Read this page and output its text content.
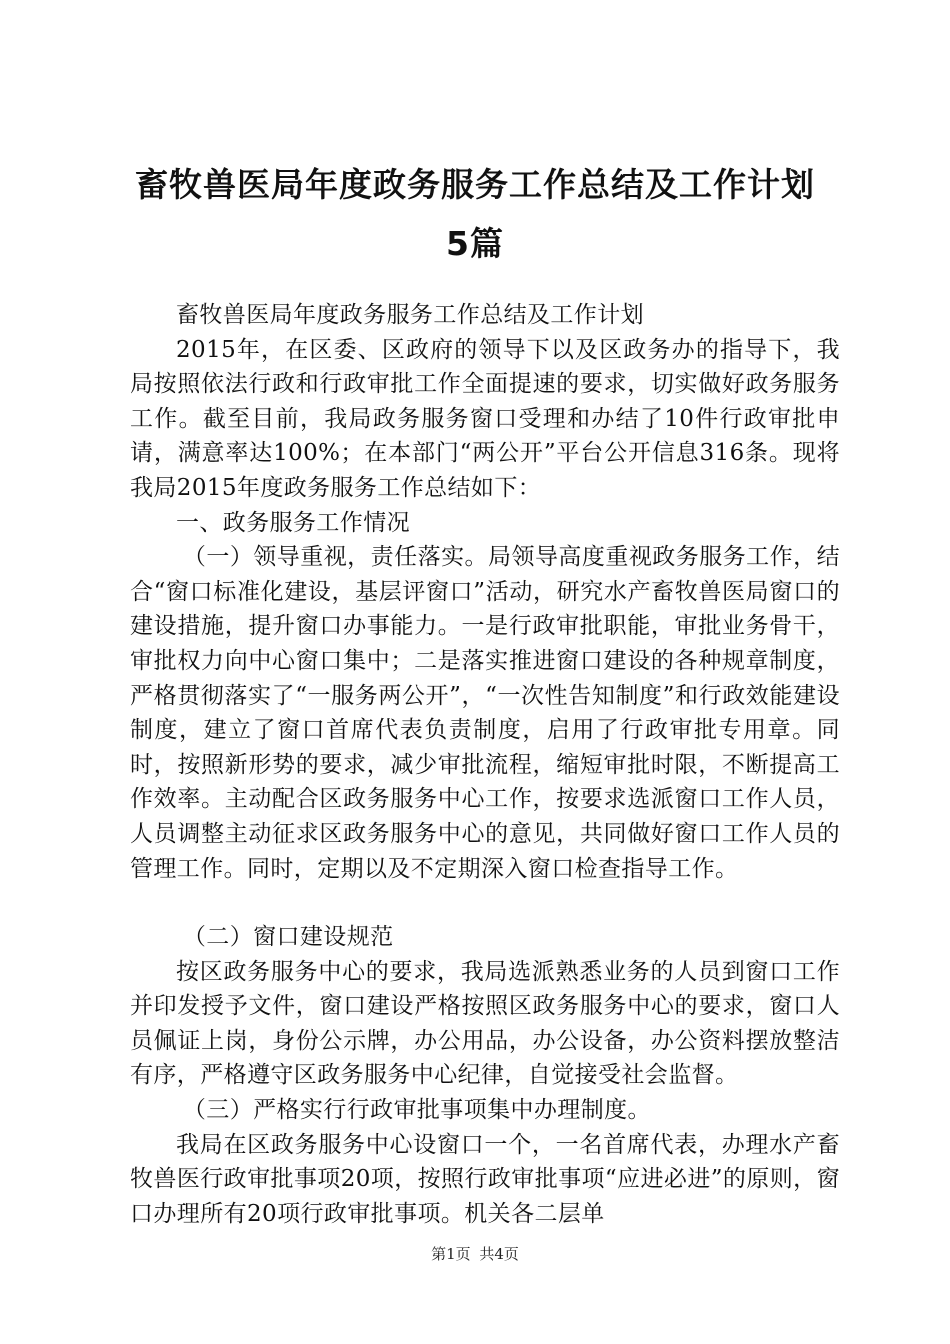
畜牧兽医局年度政务服务工作总结及工作计划
5篇

畜牧兽医局年度政务服务工作总结及工作计划

2015年，在区委、区政府的领导下以及区政务办的指导下，我局按照依法行政和行政审批工作全面提速的要求，切实做好政务服务工作。截至目前，我局政务服务窗口受理和办结了10件行政审批申请，满意率达100%；在本部门“两公开”平台公开信息316条。现将我局2015年度政务服务工作总结如下：

一、政务服务工作情况

（一）领导重视，责任落实。局领导高度重视政务服务工作，结合“窗口标准化建设，基层评窗口”活动，研究水产畜牧兽医局窗口的建设措施，提升窗口办事能力。一是行政审批职能，审批业务骨干，审批权力向中心窗口集中；二是落实推进窗口建设的各种规章制度，严格贯彻落实了“一服务两公开”，“一次性告知制度”和行政效能建设制度，建立了窗口首席代表负责制度，启用了行政审批专用章。同时，按照新形势的要求，减少审批流程，缩短审批时限，不断提高工作效率。主动配合区政务服务中心工作，按要求选派窗口工作人员，人员调整主动征求区政务服务中心的意见，共同做好窗口工作人员的管理工作。同时，定期以及不定期深入窗口检查指导工作。

（二）窗口建设规范

按区政务服务中心的要求，我局选派熟悉业务的人员到窗口工作并印发授予文件，窗口建设严格按照区政务服务中心的要求，窗口人员佩证上岗，身份公示牌，办公用品，办公设备，办公资料摆放整洁有序，严格遵守区政务服务中心纪律，自觉接受社会监督。

（三）严格实行行政审批事项集中办理制度。

我局在区政务服务中心设窗口一个，一名首席代表，办理水产畜牧兽医行政审批事项20项，按照行政审批事项“应进必进”的原则，窗口办理所有20项行政审批事项。机关各二层单

第1页 共4页
